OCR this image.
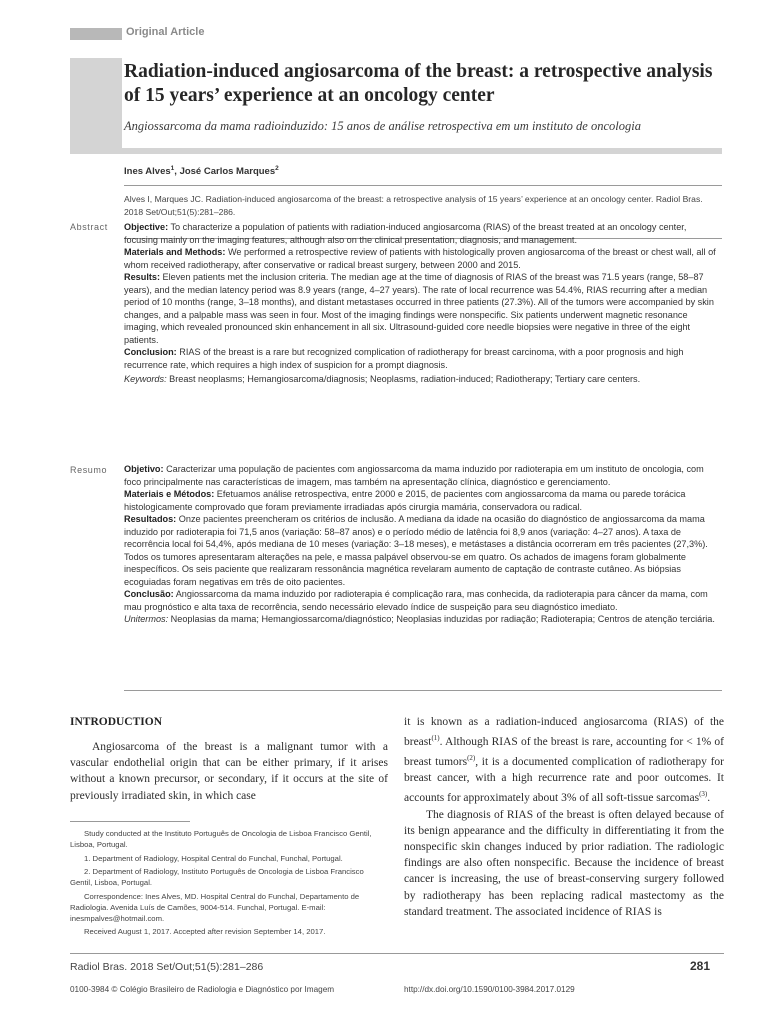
Original Article
Radiation-induced angiosarcoma of the breast: a retrospective analysis of 15 years’ experience at an oncology center
Angiossarcoma da mama radioinduzido: 15 anos de análise retrospectiva em um instituto de oncologia
Ines Alves$^1$, José Carlos Marques$^2$
Alves I, Marques JC. Radiation-induced angiosarcoma of the breast: a retrospective analysis of 15 years’ experience at an oncology center. Radiol Bras. 2018 Set/Out;51(5):281–286.
Abstract Objective: To characterize a population of patients with radiation-induced angiosarcoma (RIAS) of the breast treated at an oncology center, focusing mainly on the imaging features, although also on the clinical presentation, diagnosis, and management.

Materials and Methods: We performed a retrospective review of patients with histologically proven angiosarcoma of the breast or chest wall, all of whom received radiotherapy, after conservative or radical breast surgery, between 2000 and 2015.

Results: Eleven patients met the inclusion criteria. The median age at the time of diagnosis of RIAS of the breast was 71.5 years (range, 58–87 years), and the median latency period was 8.9 years (range, 4–27 years). The rate of local recurrence was 54.4%, RIAS recurring after a median period of 10 months (range, 3–18 months), and distant metastases occurred in three patients (27.3%). All of the tumors were accompanied by skin changes, and a palpable mass was seen in four. Most of the imaging findings were nonspecific. Six patients underwent magnetic resonance imaging, which revealed pronounced skin enhancement in all six. Ultrasound-guided core needle biopsies were negative in three of the eight patients.

Conclusion: RIAS of the breast is a rare but recognized complication of radiotherapy for breast carcinoma, with a poor prognosis and high recurrence rate, which requires a high index of suspicion for a prompt diagnosis.

Keywords: Breast neoplasms; Hemangiosarcoma/diagnosis; Neoplasms, radiation-induced; Radiotherapy; Tertiary care centers.

Resumo Objetivo: Caracterizar uma população de pacientes com angiossarcoma da mama induzido por radioterapia em um instituto de oncologia, com foco principalmente nas características de imagem, mas também na apresentação clínica, diagnóstico e gerenciamento.

Materiais e Métodos: Efetuamos análise retrospectiva, entre 2000 e 2015, de pacientes com angiossarcoma da mama ou parede torácica histologicamente comprovado que foram previamente irradiadas após cirurgia mamária, conservadora ou radical.

Resultados: Onze pacientes preencheram os critérios de inclusão. A mediana da idade na ocasião do diagnóstico de angiossarcoma da mama induzido por radioterapia foi 71,5 anos (variação: 58–87 anos) e o período médio de latência foi 8,9 anos (variação: 4–27 anos). A taxa de recorrência local foi 54,4%, após mediana de 10 meses (variação: 3–18 meses), e metástases a distância ocorreram em três pacientes (27,3%). Todos os tumores apresentaram alterações na pele, e massa palpável observou-se em quatro. Os achados de imagens foram globalmente inespecíficos. Os seis paciente que realizaram ressonância magnética revelaram aumento de captação de contraste cutâneo. As biópsias ecoguiadas foram negativas em três de oito pacientes.

Conclusão: Angiossarcoma da mama induzido por radioterapia é complicação rara, mas conhecida, da radioterapia para câncer da mama, com mau prognóstico e alta taxa de recorrência, sendo necessário elevado índice de suspeição para seu diagnóstico imediato.

Unitermos: Neoplasias da mama; Hemangiossarcoma/diagnóstico; Neoplasias induzidas por radiação; Radioterapia; Centros de atenção terciária.

INTRODUCTION

Angiosarcoma of the breast is a malignant tumor with a vascular endothelial origin that can be either primary, if it arises without a known precursor, or secondary, if it occurs at the site of previously irradiated skin, in which case

it is known as a radiation-induced angiosarcoma (RIAS) of the breast$^{(1)}$. Although RIAS of the breast is rare, accounting for < 1% of breast tumors$^{(2)}$, it is a documented complication of radiotherapy for breast cancer, with a high recurrence rate and poor outcomes. It accounts for approximately about 3% of all soft-tissue sarcomas$^{(3)}$.

The diagnosis of RIAS of the breast is often delayed because of its benign appearance and the difficulty in differentiating it from the nonspecific skin changes induced by prior radiation. The radiologic findings are also often nonspecific. Because the incidence of breast cancer is increasing, the use of breast-conserving surgery followed by radiotherapy has been replacing radical mastectomy as the standard treatment. The associated incidence of RIAS is

Study conducted at the Instituto Português de Oncologia de Lisboa Francisco Gentil, Lisboa, Portugal.

1. Department of Radiology, Hospital Central do Funchal, Funchal, Portugal.

2. Department of Radiology, Instituto Português de Oncologia de Lisboa Francisco Gentil, Lisboa, Portugal.

Correspondence: Ines Alves, MD. Hospital Central do Funchal, Departamento de Radiologia. Avenida Luís de Camões, 9004-514. Funchal, Portugal. E-mail: inesmpalves@hotmail.com.

Received August 1, 2017. Accepted after revision September 14, 2017.

Radiol Bras. 2018 Set/Out;51(5):281–286	281
0100-3984 © Colégio Brasileiro de Radiologia e Diagnóstico por Imagem	http://dx.doi.org/10.1590/0100-3984.2017.0129
